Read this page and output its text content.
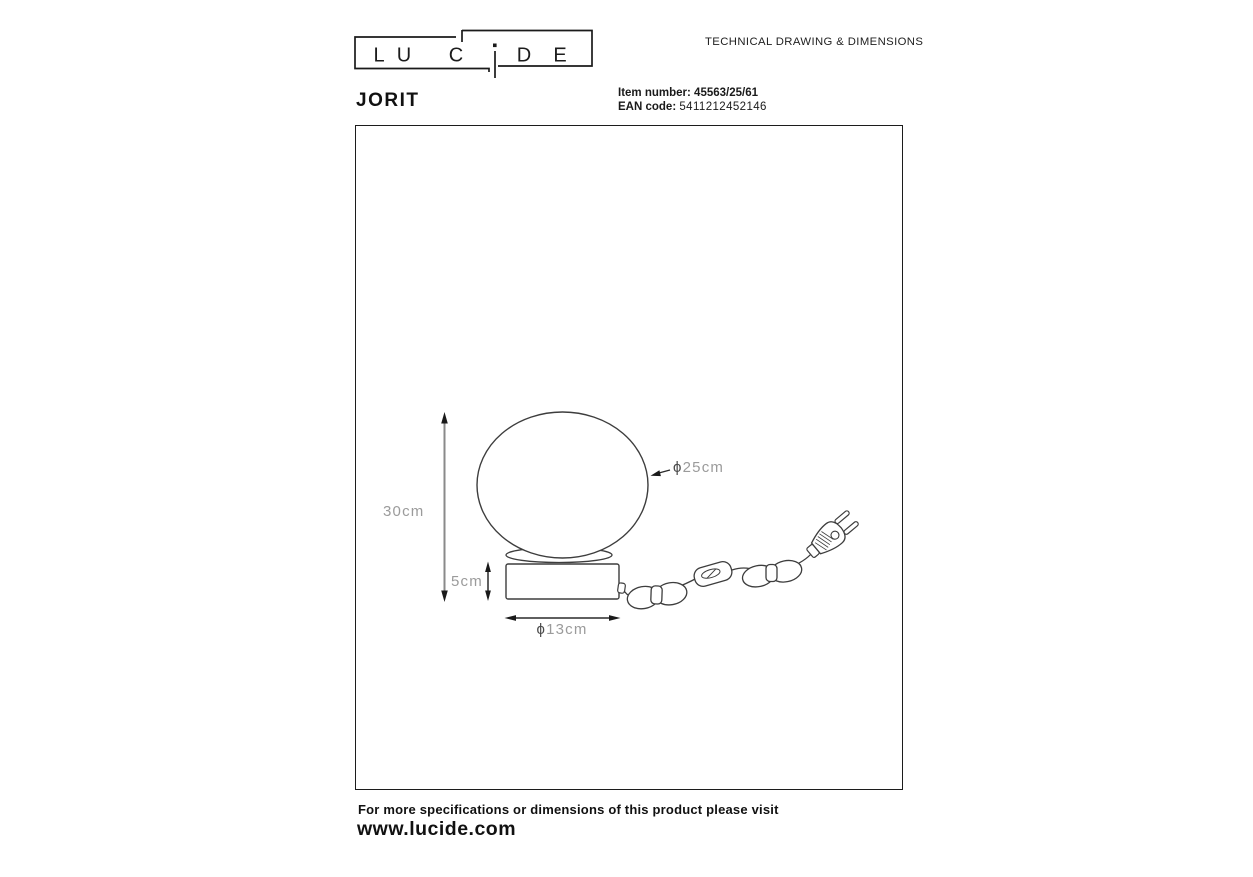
L U C	D E
TECHNICAL DRAWING & DIMENSIONS
JORIT	Item number: 45563/25/61
EAN code: 5411212452146
30cm
5cm
ϕ13cm
ϕ25cm
For more specifications or dimensions of this product please visit
www.lucide.com
